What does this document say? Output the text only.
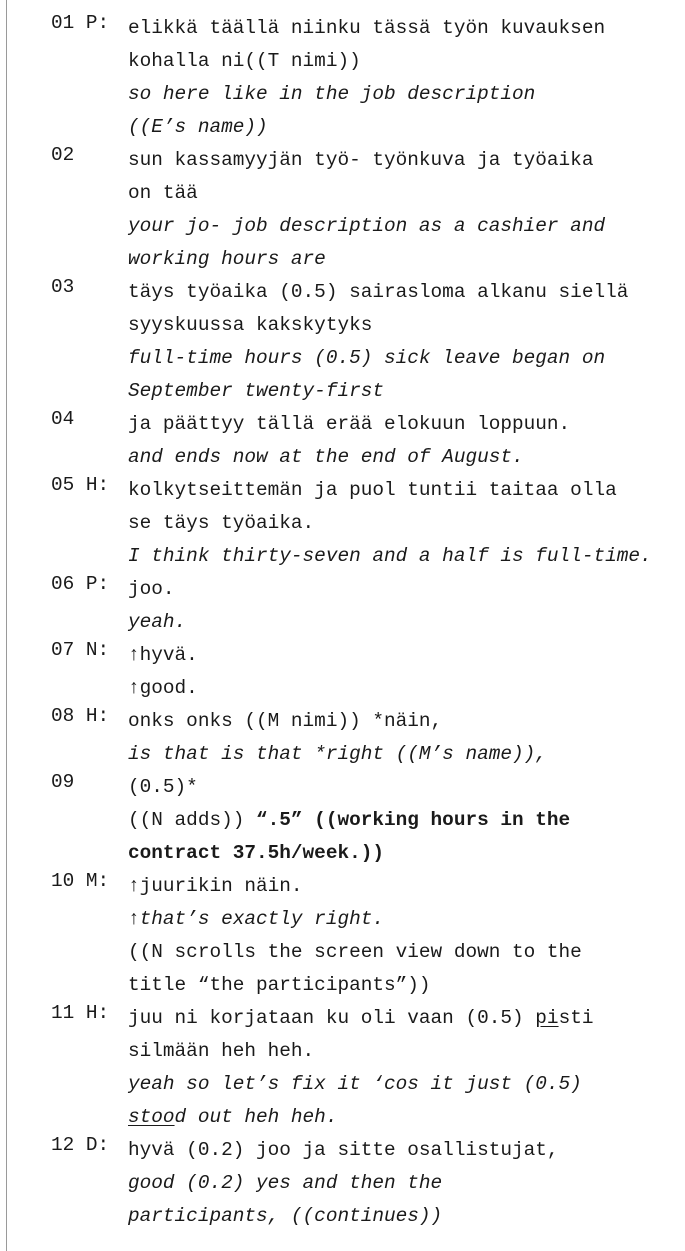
01 P: elikkä täällä niinku tässä työn kuvauksen
kohalla ni((T nimi))
so here like in the job description
((E’s name))
02	sun kassamyyjän työ- työnkuva ja työaika
on tää
your jo- job description as a cashier and
working hours are
03	täys työaika (0.5) sairasloma alkanu siellä
syyskuussa kakskytyks
full-time hours (0.5) sick leave began on
September twenty-first
04	ja päättyy tällä erää elokuun loppuun.
and ends now at the end of August.
05 H: kolkytseittemän ja puol tuntii taitaa olla
se täys työaika.
I think thirty-seven and a half is full-time.
06 P: joo.
yeah.
07 N: ↑hyvä.
↑good.
08 H: onks onks ((M nimi)) *näin,
is that is that *right ((M’s name)),
09	(0.5)*
((N adds)) “.5” ((working hours in the
contract 37.5h/week.))
10 M: ↑juurikin näin.
↑that’s exactly right.
((N scrolls the screen view down to the
title “the participants”))
11 H: juu ni korjataan ku oli vaan (0.5) pisti
silmään heh heh.
yeah so let’s fix it ‘cos it just (0.5)
stood out heh heh.
12 D: hyvä (0.2) joo ja sitte osallistujat,
good (0.2) yes and then the
participants, ((continues))
